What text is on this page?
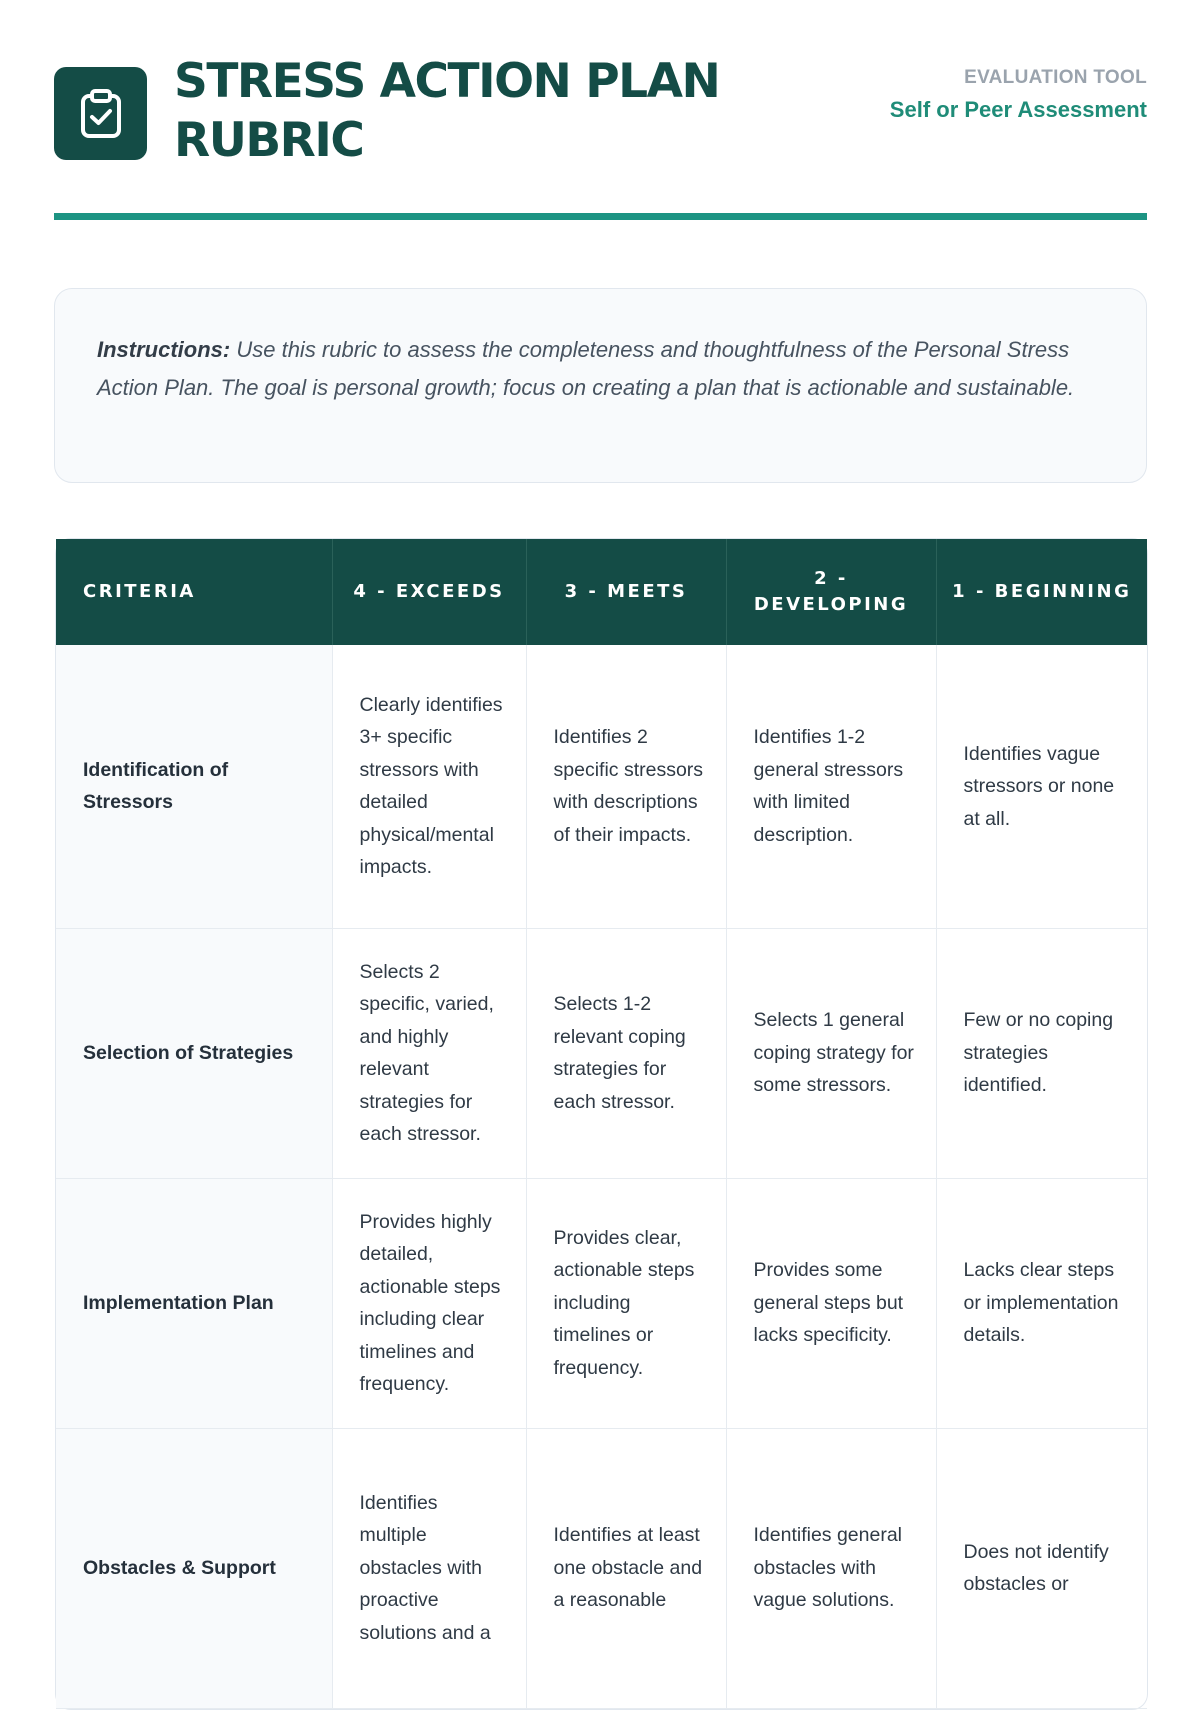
STRESS ACTION PLAN RUBRIC
EVALUATION TOOL
Self or Peer Assessment

Instructions: Use this rubric to assess the completeness and thoughtfulness of the Personal Stress Action Plan. The goal is personal growth; focus on creating a plan that is actionable and sustainable.

CRITERIA	4 - EXCEEDS	3 - MEETS	2 - DEVELOPING	1 - BEGINNING
Identification of Stressors	Clearly identifies 3+ specific stressors with detailed physical/mental impacts.	Identifies 2 specific stressors with descriptions of their impacts.	Identifies 1-2 general stressors with limited description.	Identifies vague stressors or none at all.
Selection of Strategies	Selects 2 specific, varied, and highly relevant strategies for each stressor.	Selects 1-2 relevant coping strategies for each stressor.	Selects 1 general coping strategy for some stressors.	Few or no coping strategies identified.
Implementation Plan	Provides highly detailed, actionable steps including clear timelines and frequency.	Provides clear, actionable steps including timelines or frequency.	Provides some general steps but lacks specificity.	Lacks clear steps or implementation details.
Obstacles & Support	Identifies multiple obstacles with proactive solutions and a	Identifies at least one obstacle and a reasonable	Identifies general obstacles with vague solutions.	Does not identify obstacles or
